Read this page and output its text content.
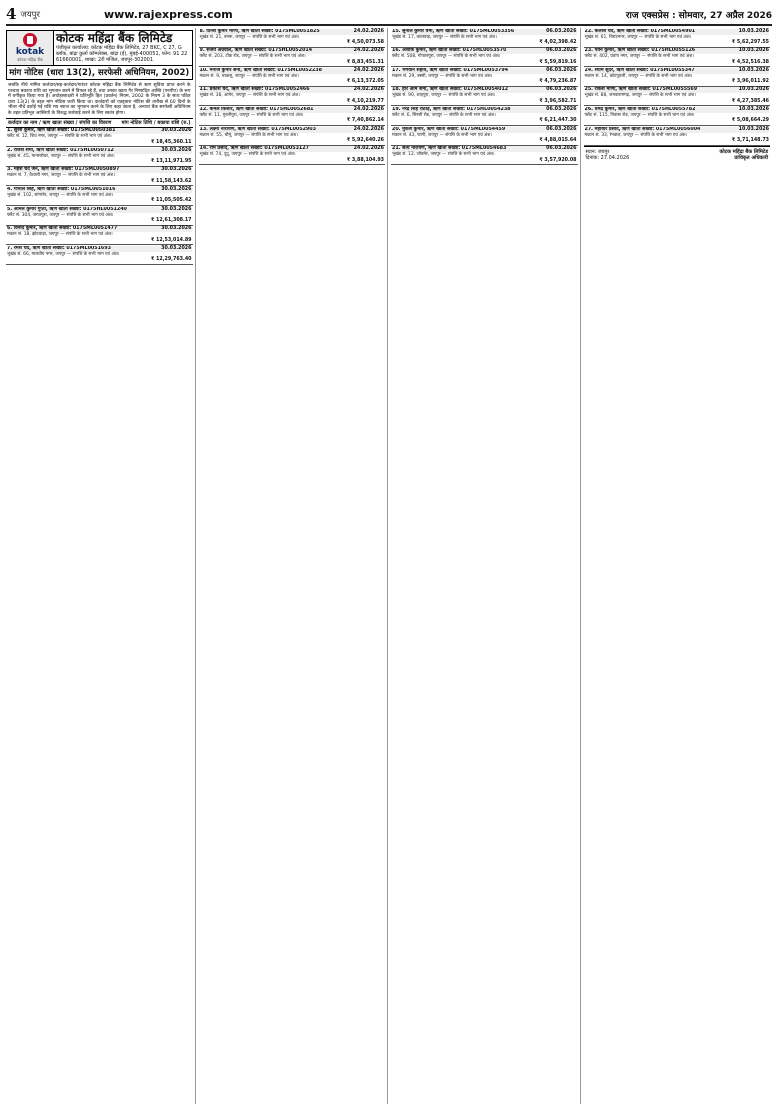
4 जयपुर	www.rajexpress.com	राज एक्सप्रेस : सोमवार, 27 अप्रैल 2026
kotak
कोटक महिंद्रा बैंक
कोटक महिंद्रा बैंक लिमिटेड
पंजीकृत कार्यालय: कोटक महिंद्रा बैंक लिमिटेड, 27 BKC, C 27, G ब्लॉक, बांद्रा कुर्ला कॉम्प्लेक्स, बांद्रा (ई), मुंबई-400051, फोन: 91 22 61660001, शाखा: 2री मंजिल, जयपुर-302001
मांग नोटिस (धारा 13(2), सरफेसी अधिनियम, 2002)
जबकि नीचे नामित कर्जदार/सह-कर्जदार/गारंटर कोटक महिंद्रा बैंक लिमिटेड से ऋण सुविधा प्राप्त करने के पश्चात बकाया राशि का भुगतान करने में विफल रहे हैं, तथा उनका खाता गैर निष्पादित आस्ति (एनपीए) के रूप में वर्गीकृत किया गया है। अधोहस्ताक्षरी ने प्रतिभूति हित (प्रवर्तन) नियम, 2002 के नियम 3 के साथ पठित धारा 13(2) के तहत मांग नोटिस जारी किया था। कर्जदारों को एतद्द्वारा नोटिस की तारीख से 60 दिनों के भीतर नीचे दर्शाई गई राशि मय ब्याज का भुगतान करने के लिए कहा जाता है, अन्यथा बैंक सरफेसी अधिनियम के तहत प्रतिभूत आस्तियों के विरुद्ध कार्रवाई करने के लिए स्वतंत्र होगा।
कर्जदार का नाम / ऋण खाता संख्या / संपत्ति का विवरण मांग नोटिस तिथि / बकाया राशि (रु.)
1. सुरेश कुमार, ऋण खाता संख्या: 0175ML0050381	30.03.2026
फ्लैट सं. 12, शिव नगर, जयपुर — संपत्ति के सभी भाग एवं अंश।
₹ 18,45,360.11
2. राजेश शर्मा, ऋण खाता संख्या: 0175HL0050712	30.03.2026
भूखंड सं. 45, मानसरोवर, जयपुर — संपत्ति के सभी भाग एवं अंश।
₹ 13,11,971.95
3. महेश चंद जैन, ऋण खाता संख्या: 0175ML0050897	30.03.2026
मकान सं. 7, वैशाली नगर, जयपुर — संपत्ति के सभी भाग एवं अंश।
₹ 11,58,143.62
4. गोपाल सिंह, ऋण खाता संख्या: 0175ML0051016	30.03.2026
भूखंड सं. 102, सांगानेर, जयपुर — संपत्ति के सभी भाग एवं अंश।
₹ 11,05,505.42
5. अनिल कुमार गुप्ता, ऋण खाता संख्या: 0175HL0051240	30.03.2026
फ्लैट सं. 304, जगतपुरा, जयपुर — संपत्ति के सभी भाग एवं अंश।
₹ 12,61,308.17
6. विनोद कुमार, ऋण खाता संख्या: 0175ML0051477	30.03.2026
मकान सं. 18, झोटवाड़ा, जयपुर — संपत्ति के सभी भाग एवं अंश।
₹ 12,53,014.89
7. रमेश चंद, ऋण खाता संख्या: 0175ML0051693	30.03.2026
भूखंड सं. 66, मालवीय नगर, जयपुर — संपत्ति के सभी भाग एवं अंश।
₹ 12,29,763.40
8. दिनेश कुमार मीणा, ऋण खाता संख्या: 0175ML0051825	24.02.2026
भूखंड सं. 21, बगरू, जयपुर — संपत्ति के सभी भाग एवं अंश।
₹ 4,50,073.58
9. संजय अग्रवाल, ऋण खाता संख्या: 0175HL0052014	24.02.2026
फ्लैट सं. 203, टोंक रोड, जयपुर — संपत्ति के सभी भाग एवं अंश।
₹ 8,83,451.31
10. मनोज कुमार सैनी, ऋण खाता संख्या: 0175ML0052238	24.02.2026
मकान सं. 9, चाकसू, जयपुर — संपत्ति के सभी भाग एवं अंश।
₹ 6,13,372.05
11. प्रकाश चंद, ऋण खाता संख्या: 0175ML0052466	24.02.2026
भूखंड सं. 38, आमेर, जयपुर — संपत्ति के सभी भाग एवं अंश।
₹ 4,10,219.77
12. कमल किशोर, ऋण खाता संख्या: 0175HL0052681	24.02.2026
फ्लैट सं. 11, मुरलीपुरा, जयपुर — संपत्ति के सभी भाग एवं अंश।
₹ 7,40,862.14
13. लक्ष्मी नारायण, ऋण खाता संख्या: 0175ML0052903	24.02.2026
मकान सं. 55, चौमूं, जयपुर — संपत्ति के सभी भाग एवं अंश।
₹ 5,92,640.26
14. राम प्रसाद, ऋण खाता संख्या: 0175ML0053127	24.02.2026
भूखंड सं. 74, दूदू, जयपुर — संपत्ति के सभी भाग एवं अंश।
₹ 3,88,104.93
15. सुनील कुमार वर्मा, ऋण खाता संख्या: 0175ML0053356	06.03.2026
भूखंड सं. 17, कालवाड़, जयपुर — संपत्ति के सभी भाग एवं अंश।
₹ 4,02,398.42
16. अशोक कुमार, ऋण खाता संख्या: 0175HL0053570	06.03.2026
फ्लैट सं. 508, गोपालपुरा, जयपुर — संपत्ति के सभी भाग एवं अंश।
₹ 5,59,819.16
17. भगवान सहाय, ऋण खाता संख्या: 0175ML0053794	06.03.2026
मकान सं. 29, बस्सी, जयपुर — संपत्ति के सभी भाग एवं अंश।
₹ 4,79,236.87
18. हरि ओम शर्मा, ऋण खाता संख्या: 0175ML0054012	06.03.2026
भूखंड सं. 90, शाहपुरा, जयपुर — संपत्ति के सभी भाग एवं अंश।
₹ 3,96,582.71
19. नरेंद्र सिंह राठौड़, ऋण खाता संख्या: 0175HL0054238	06.03.2026
फ्लैट सं. 6, सिरसी रोड, जयपुर — संपत्ति के सभी भाग एवं अंश।
₹ 6,21,447.30
20. मुकेश कुमार, ऋण खाता संख्या: 0175ML0054459	06.03.2026
मकान सं. 43, फागी, जयपुर — संपत्ति के सभी भाग एवं अंश।
₹ 4,88,015.64
21. सत्य नारायण, ऋण खाता संख्या: 0175ML0054683	06.03.2026
भूखंड सं. 12, जोबनेर, जयपुर — संपत्ति के सभी भाग एवं अंश।
₹ 3,57,920.08
22. कैलाश चंद, ऋण खाता संख्या: 0175ML0054901	10.03.2026
भूखंड सं. 61, विराटनगर, जयपुर — संपत्ति के सभी भाग एवं अंश।
₹ 5,62,297.55
23. पवन कुमार, ऋण खाता संख्या: 0175HL0055126	10.03.2026
फ्लैट सं. 402, प्रताप नगर, जयपुर — संपत्ति के सभी भाग एवं अंश।
₹ 4,52,516.38
24. श्याम सुंदर, ऋण खाता संख्या: 0175ML0055347	10.03.2026
मकान सं. 14, कोटपूतली, जयपुर — संपत्ति के सभी भाग एवं अंश।
₹ 3,96,011.92
25. राकेश मीणा, ऋण खाता संख्या: 0175ML0055569	10.03.2026
भूखंड सं. 88, जमवारामगढ़, जयपुर — संपत्ति के सभी भाग एवं अंश।
₹ 4,27,385.46
26. धर्मेंद्र कुमार, ऋण खाता संख्या: 0175HL0055782	10.03.2026
फ्लैट सं. 115, निवारू रोड, जयपुर — संपत्ति के सभी भाग एवं अंश।
₹ 5,08,664.29
27. महावीर प्रसाद, ऋण खाता संख्या: 0175ML0056004	10.03.2026
मकान सं. 33, रेनवाल, जयपुर — संपत्ति के सभी भाग एवं अंश।
₹ 3,71,148.73
स्थान: जयपुर	कोटक महिंद्रा बैंक लिमिटेड
दिनांक: 27.04.2026	प्राधिकृत अधिकारी
